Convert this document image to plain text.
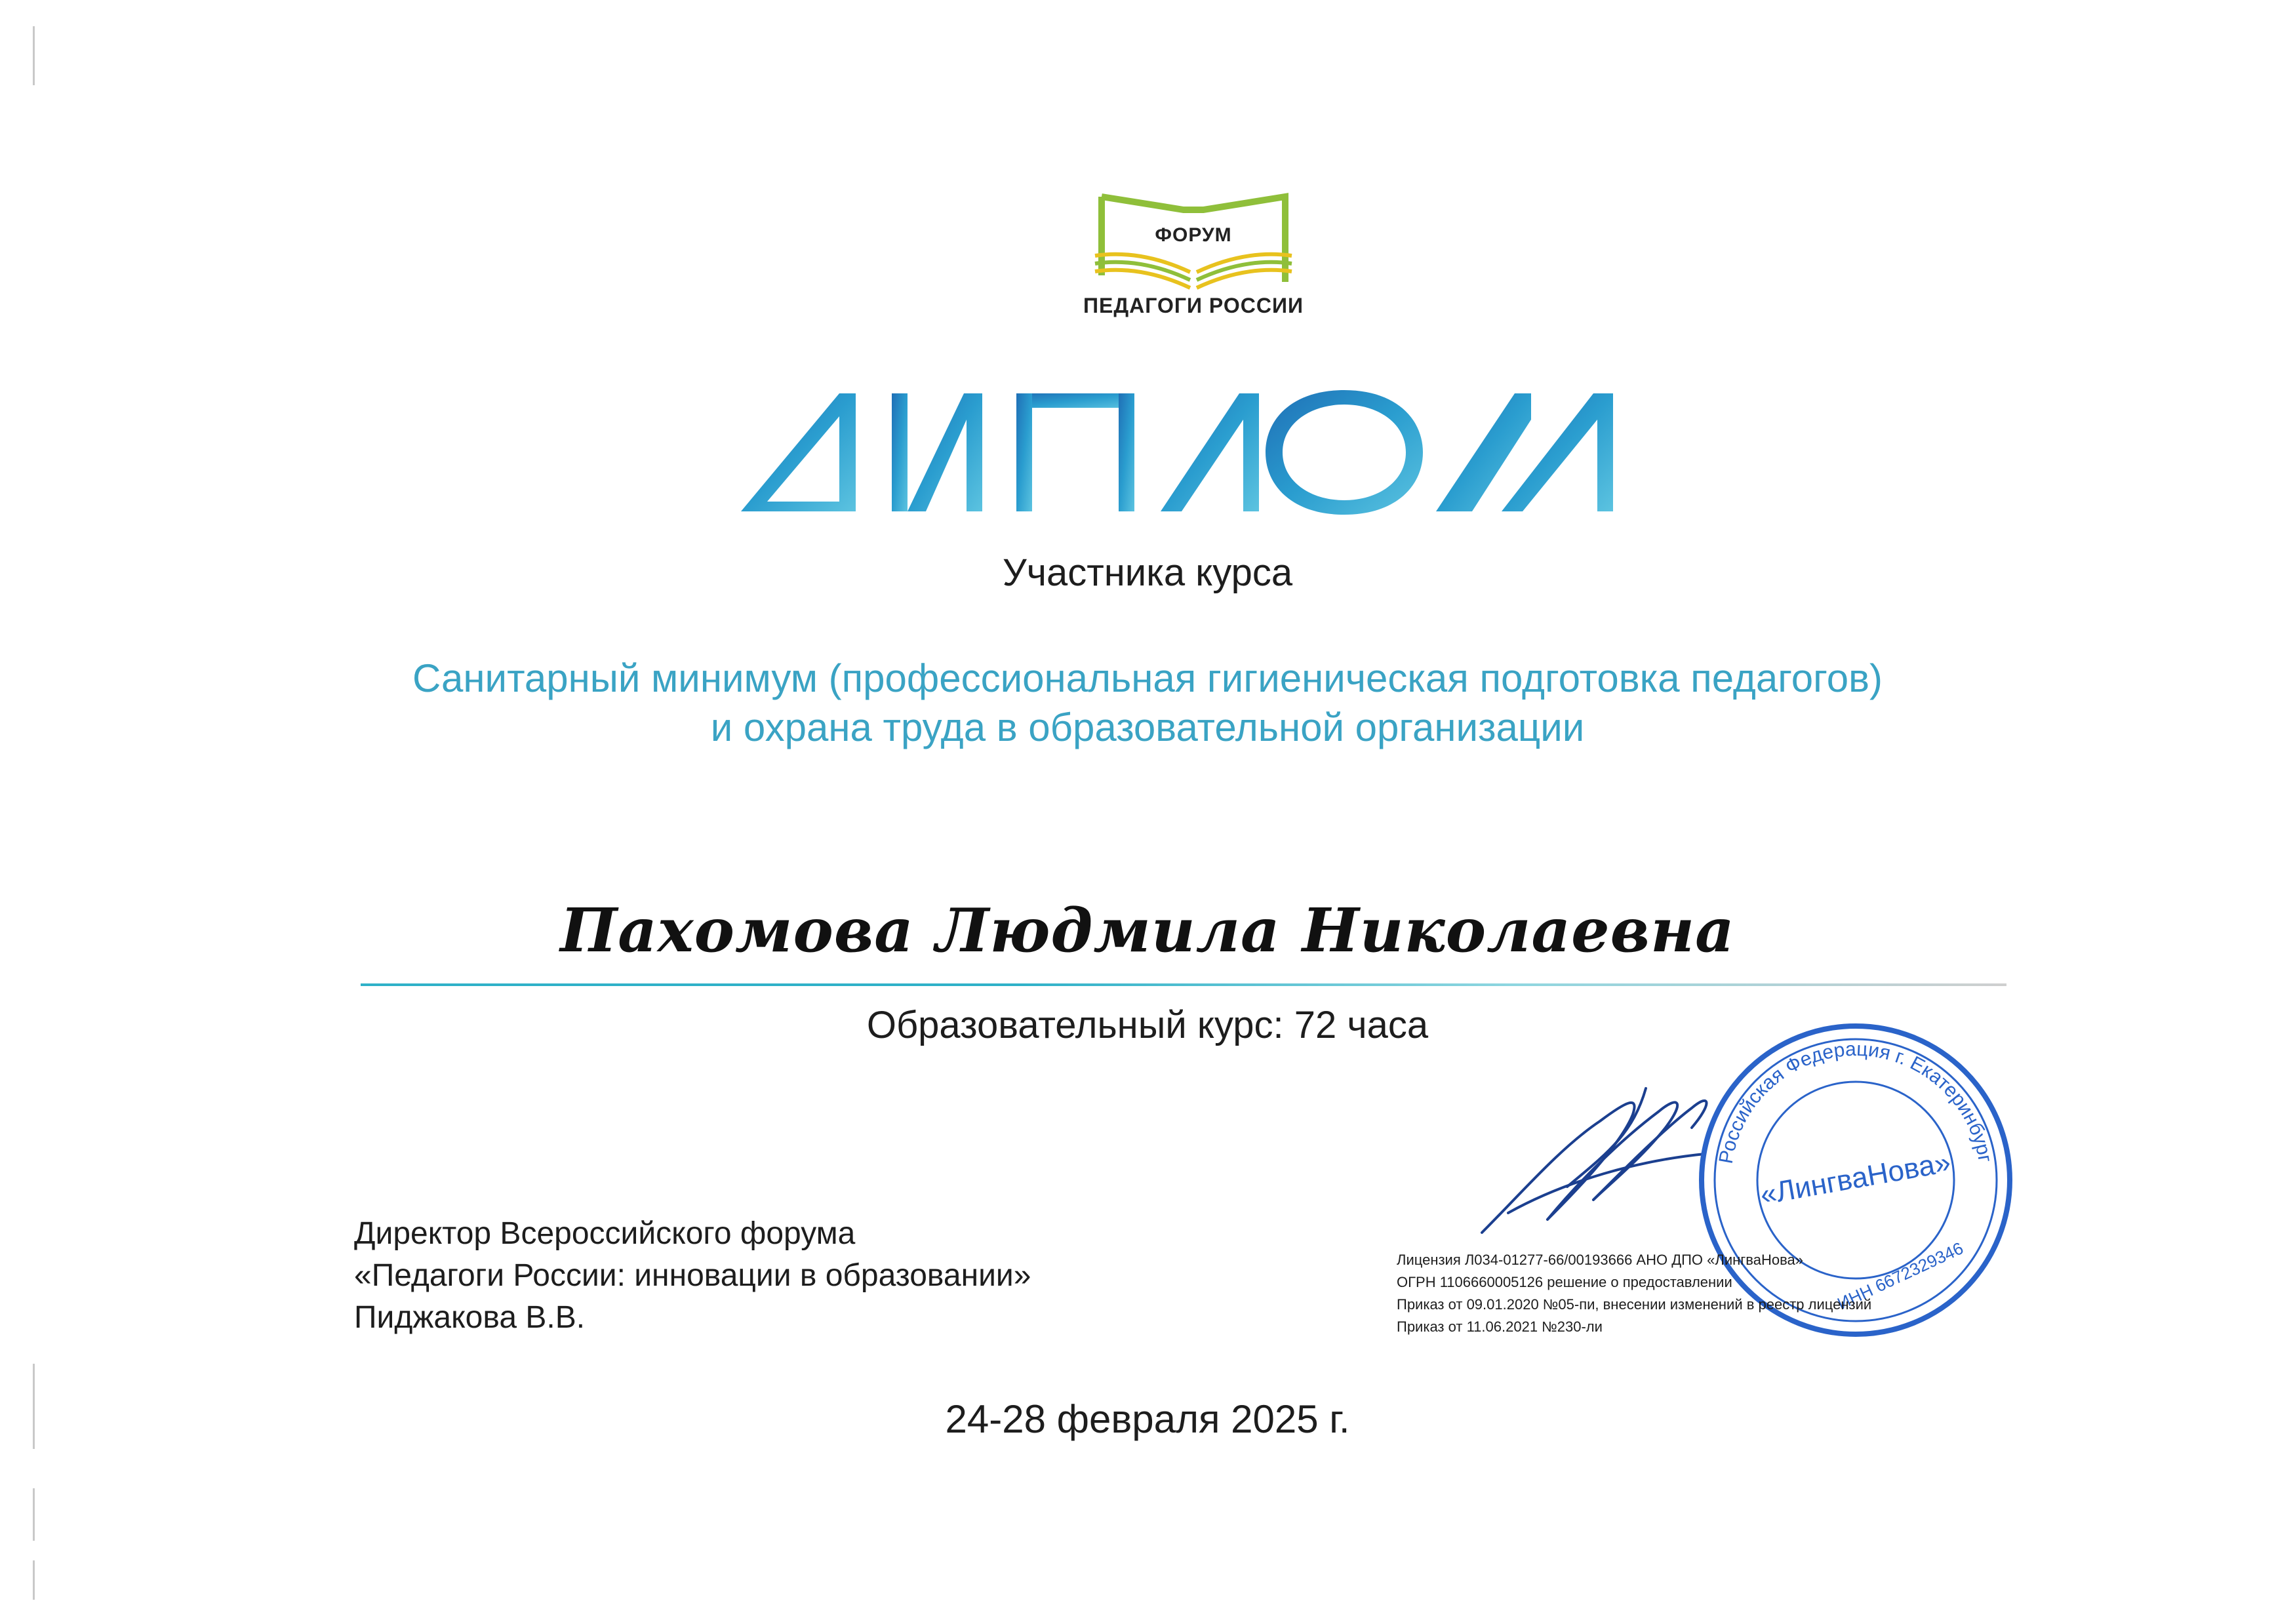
ФОРУМ
ПЕДАГОГИ РОССИИ
Участника курса
Санитарный минимум (профессиональная гигиеническая подготовка педагогов)
и охрана труда в образовательной организации
Пахомова Людмила Николаевна
Образовательный курс: 72 часа
Директор Всероссийского форума
«Педагоги России: инновации в образовании»
Пиджакова В.В.
Российская Федерация г. Екатеринбург
«ЛингваНова»
ИНН 6672329346
Лицензия Л034-01277-66/00193666 АНО ДПО «ЛингваНова»
ОГРН 1106660005126 решение о предоставлении
Приказ от 09.01.2020 №05-пи, внесении изменений в реестр лицензий
Приказ от 11.06.2021 №230-ли
24-28 февраля 2025 г.
